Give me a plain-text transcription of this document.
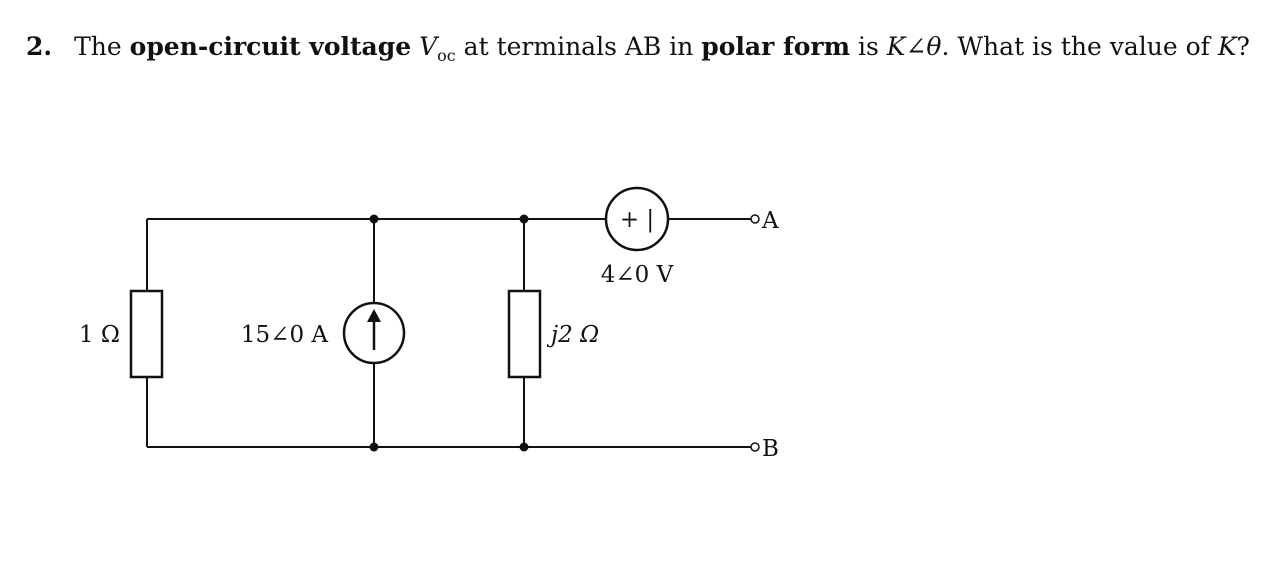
2. The open-circuit voltage $V_{oc}$ at terminals AB in polar form is K∠θ. What is the value of K?
1 Ω	j2 Ω
15∠0 A
+ |
4∠0 V
A
B
